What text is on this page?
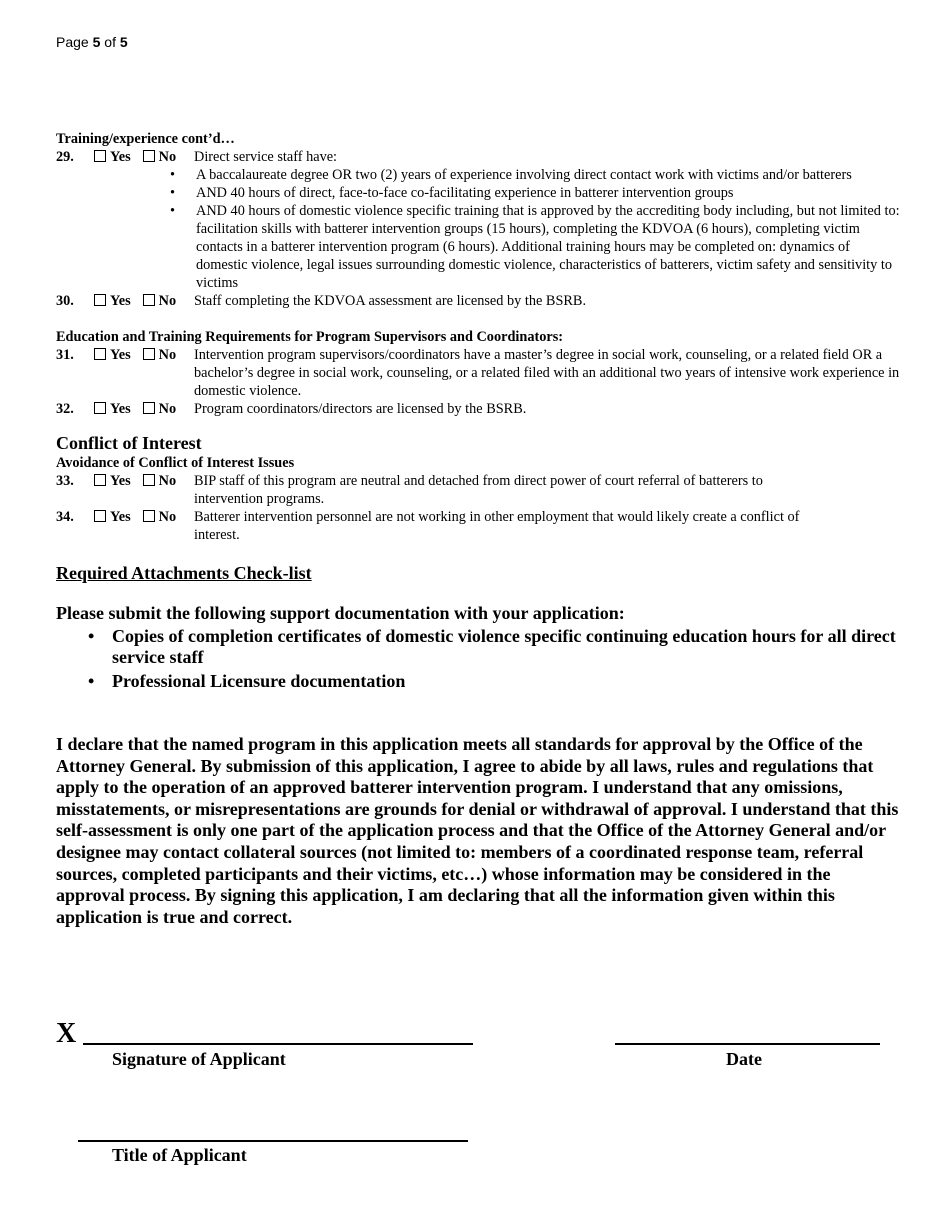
Page 5 of 5
Training/experience cont’d…
29.	Yes No	Direct service staff have:
• A baccalaureate degree OR two (2) years of experience involving direct contact work with victims and/or batterers
• AND 40 hours of direct, face-to-face co-facilitating experience in batterer intervention groups
• AND 40 hours of domestic violence specific training that is approved by the accrediting body including, but not limited to: facilitation skills with batterer intervention groups (15 hours), completing the KDVOA (6 hours), completing victim contacts in a batterer intervention program (6 hours). Additional training hours may be completed on: dynamics of domestic violence, legal issues surrounding domestic violence, characteristics of batterers, victim safety and sensitivity to victims
30.	Yes No	Staff completing the KDVOA assessment are licensed by the BSRB.
Education and Training Requirements for Program Supervisors and Coordinators:
31.	Yes No	Intervention program supervisors/coordinators have a master’s degree in social work, counseling, or a related field OR a bachelor’s degree in social work, counseling, or a related filed with an additional two years of intensive work experience in domestic violence.
32.	Yes No	Program coordinators/directors are licensed by the BSRB.
Conflict of Interest
Avoidance of Conflict of Interest Issues
33.	Yes No	BIP staff of this program are neutral and detached from direct power of court referral of batterers to intervention programs.
34.	Yes No	Batterer intervention personnel are not working in other employment that would likely create a conflict of interest.
Required Attachments Check-list
Please submit the following support documentation with your application:
• Copies of completion certificates of domestic violence specific continuing education hours for all direct service staff
• Professional Licensure documentation
I declare that the named program in this application meets all standards for approval by the Office of the Attorney General. By submission of this application, I agree to abide by all laws, rules and regulations that apply to the operation of an approved batterer intervention program. I understand that any omissions, misstatements, or misrepresentations are grounds for denial or withdrawal of approval. I understand that this self-assessment is only one part of the application process and that the Office of the Attorney General and/or designee may contact collateral sources (not limited to: members of a coordinated response team, referral sources, completed participants and their victims, etc…) whose information may be considered in the approval process. By signing this application, I am declaring that all the information given within this application is true and correct.
X
Signature of Applicant	Date
Title of Applicant
